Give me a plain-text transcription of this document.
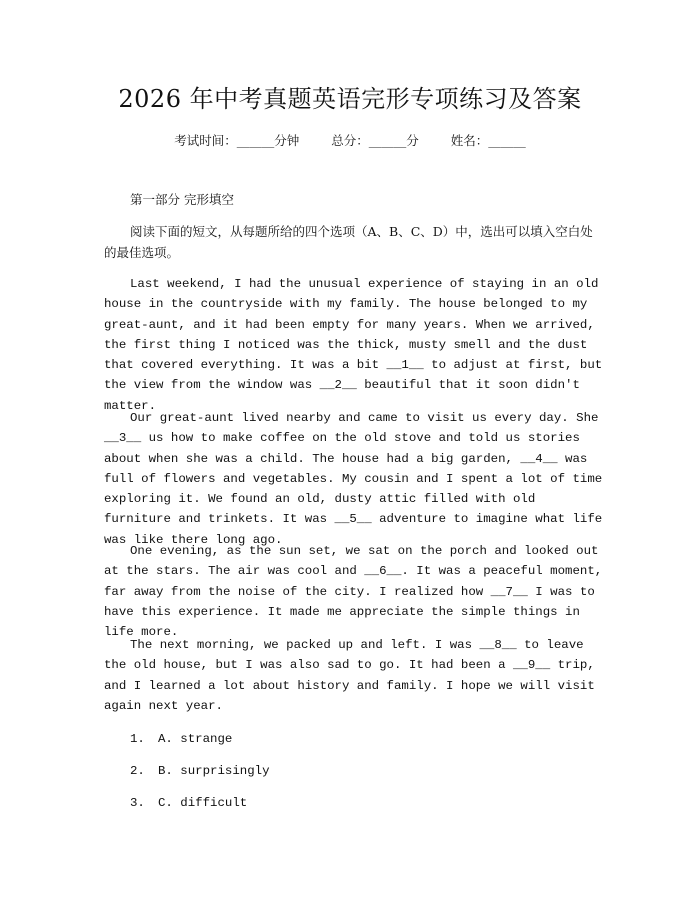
2026 年中考真题英语完形专项练习及答案
考试时间：______分钟	总分：______分	姓名：______
第一部分 完形填空
阅读下面的短文，从每题所给的四个选项（A、B、C、D）中，选出可以填入空白处的最佳选项。
Last weekend, I had the unusual experience of staying in an old house in the countryside with my family. The house belonged to my great-aunt, and it had been empty for many years. When we arrived, the first thing I noticed was the thick, musty smell and the dust that covered everything. It was a bit __1__ to adjust at first, but the view from the window was __2__ beautiful that it soon didn't matter.
Our great-aunt lived nearby and came to visit us every day. She __3__ us how to make coffee on the old stove and told us stories about when she was a child. The house had a big garden, __4__ was full of flowers and vegetables. My cousin and I spent a lot of time exploring it. We found an old, dusty attic filled with old furniture and trinkets. It was __5__ adventure to imagine what life was like there long ago.
One evening, as the sun set, we sat on the porch and looked out at the stars. The air was cool and __6__. It was a peaceful moment, far away from the noise of the city. I realized how __7__ I was to have this experience. It made me appreciate the simple things in life more.
The next morning, we packed up and left. I was __8__ to leave the old house, but I was also sad to go. It had been a __9__ trip, and I learned a lot about history and family. I hope we will visit again next year.
1. A. strange
2. B. surprisingly
3. C. difficult
